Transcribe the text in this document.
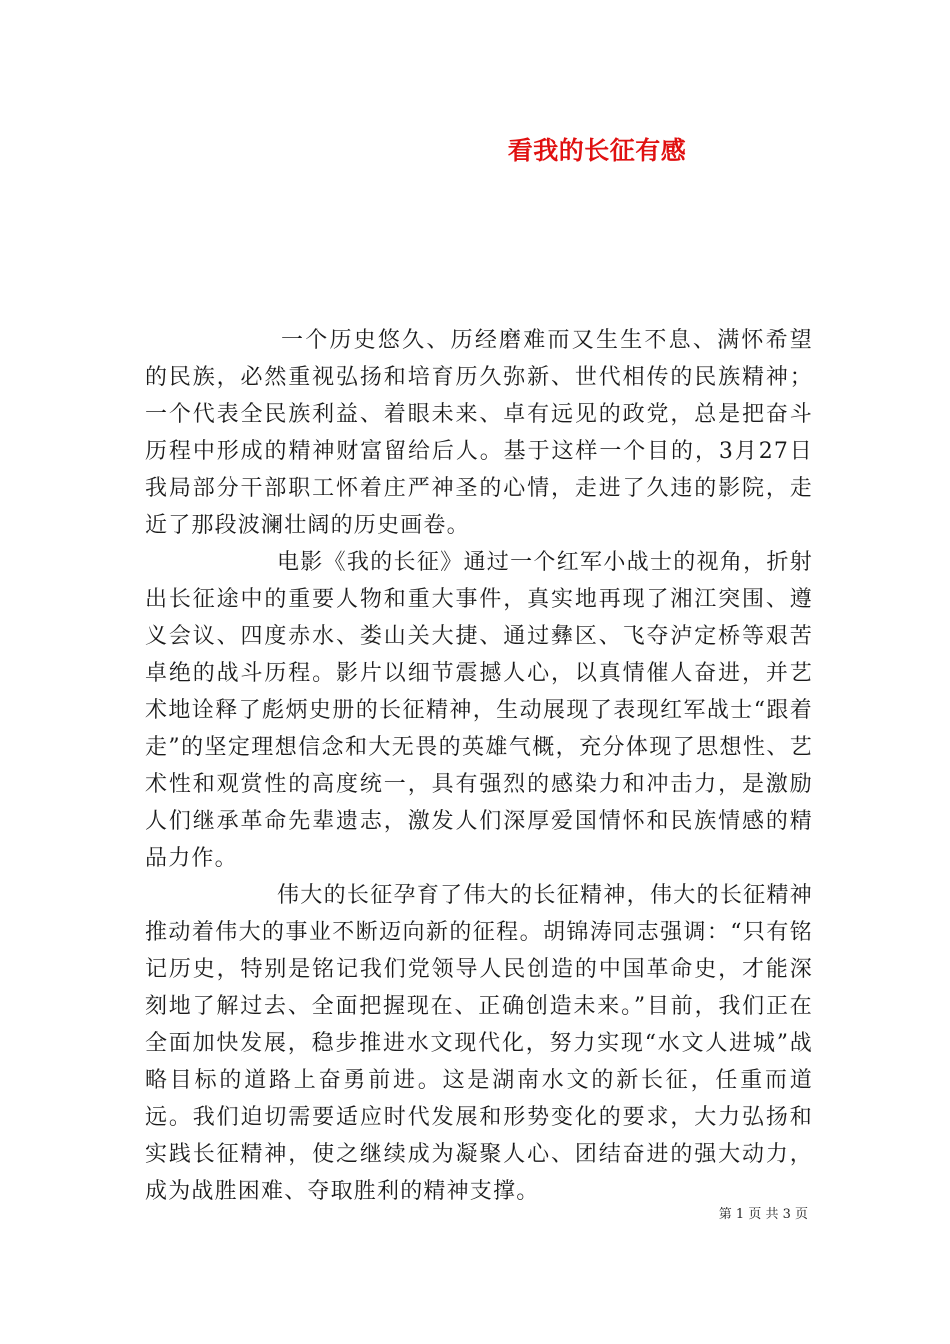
看我的长征有感

一个历史悠久、历经磨难而又生生不息、满怀希望的民族，必然重视弘扬和培育历久弥新、世代相传的民族精神；一个代表全民族利益、着眼未来、卓有远见的政党，总是把奋斗历程中形成的精神财富留给后人。基于这样一个目的，3月27日我局部分干部职工怀着庄严神圣的心情，走进了久违的影院，走近了那段波澜壮阔的历史画卷。

电影《我的长征》通过一个红军小战士的视角，折射出长征途中的重要人物和重大事件，真实地再现了湘江突围、遵义会议、四度赤水、娄山关大捷、通过彝区、飞夺泸定桥等艰苦卓绝的战斗历程。影片以细节震撼人心，以真情催人奋进，并艺术地诠释了彪炳史册的长征精神，生动展现了表现红军战士“跟着走”的坚定理想信念和大无畏的英雄气概，充分体现了思想性、艺术性和观赏性的高度统一，具有强烈的感染力和冲击力，是激励人们继承革命先辈遗志，激发人们深厚爱国情怀和民族情感的精品力作。

伟大的长征孕育了伟大的长征精神，伟大的长征精神推动着伟大的事业不断迈向新的征程。胡锦涛同志强调：“只有铭记历史，特别是铭记我们党领导人民创造的中国革命史，才能深刻地了解过去、全面把握现在、正确创造未来。”目前，我们正在全面加快发展，稳步推进水文现代化，努力实现“水文人进城”战略目标的道路上奋勇前进。这是湖南水文的新长征，任重而道远。我们迫切需要适应时代发展和形势变化的要求，大力弘扬和实践长征精神，使之继续成为凝聚人心、团结奋进的强大动力，成为战胜困难、夺取胜利的精神支撑。

第 1 页 共 3 页
